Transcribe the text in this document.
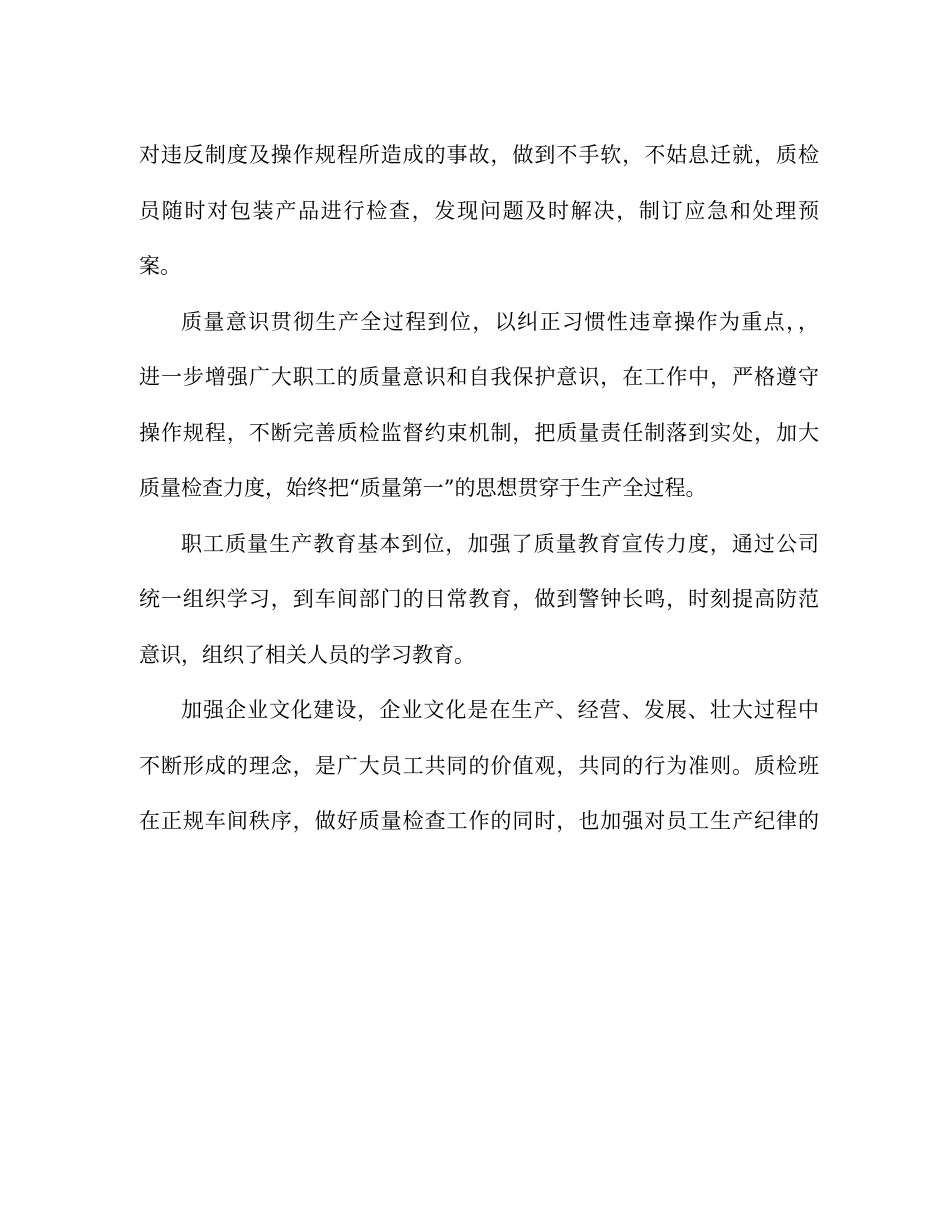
对违反制度及操作规程所造成的事故，做到不手软，不姑息迁就，质检
员随时对包装产品进行检查，发现问题及时解决，制订应急和处理预
案。
质量意识贯彻生产全过程到位，以纠正习惯性违章操作为重点，，
进一步增强广大职工的质量意识和自我保护意识，在工作中，严格遵守
操作规程，不断完善质检监督约束机制，把质量责任制落到实处，加大
质量检查力度，始终把“质量第一”的思想贯穿于生产全过程。
职工质量生产教育基本到位，加强了质量教育宣传力度，通过公司
统一组织学习，到车间部门的日常教育，做到警钟长鸣，时刻提高防范
意识，组织了相关人员的学习教育。
加强企业文化建设，企业文化是在生产、经营、发展、壮大过程中
不断形成的理念，是广大员工共同的价值观，共同的行为准则。质检班
在正规车间秩序，做好质量检查工作的同时，也加强对员工生产纪律的
